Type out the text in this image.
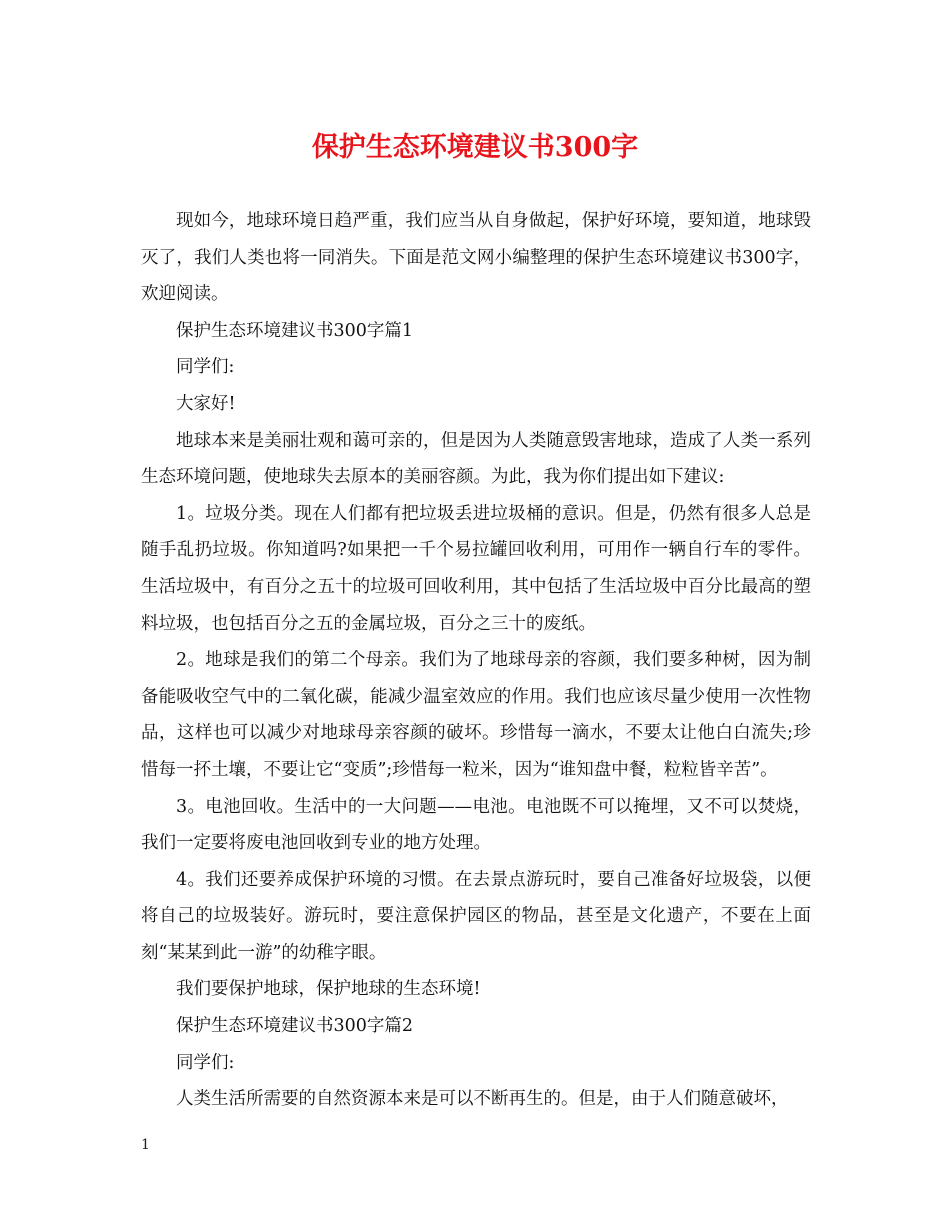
保护生态环境建议书300字

现如今，地球环境日趋严重，我们应当从自身做起，保护好环境，要知道，地球毁灭了，我们人类也将一同消失。下面是范文网小编整理的保护生态环境建议书300字，欢迎阅读。

保护生态环境建议书300字篇1

同学们:

大家好!

地球本来是美丽壮观和蔼可亲的，但是因为人类随意毁害地球，造成了人类一系列生态环境问题，使地球失去原本的美丽容颜。为此，我为你们提出如下建议:

1。垃圾分类。现在人们都有把垃圾丢进垃圾桶的意识。但是，仍然有很多人总是随手乱扔垃圾。你知道吗?如果把一千个易拉罐回收利用，可用作一辆自行车的零件。生活垃圾中，有百分之五十的垃圾可回收利用，其中包括了生活垃圾中百分比最高的塑料垃圾，也包括百分之五的金属垃圾，百分之三十的废纸。

2。地球是我们的第二个母亲。我们为了地球母亲的容颜，我们要多种树，因为制备能吸收空气中的二氧化碳，能减少温室效应的作用。我们也应该尽量少使用一次性物品，这样也可以减少对地球母亲容颜的破坏。珍惜每一滴水，不要太让他白白流失;珍惜每一抔土壤，不要让它“变质”;珍惜每一粒米，因为“谁知盘中餐，粒粒皆辛苦”。

3。电池回收。生活中的一大问题——电池。电池既不可以掩埋，又不可以焚烧，我们一定要将废电池回收到专业的地方处理。

4。我们还要养成保护环境的习惯。在去景点游玩时，要自己准备好垃圾袋，以便将自己的垃圾装好。游玩时，要注意保护园区的物品，甚至是文化遗产，不要在上面刻“某某到此一游”的幼稚字眼。

我们要保护地球，保护地球的生态环境!

保护生态环境建议书300字篇2

同学们:

人类生活所需要的自然资源本来是可以不断再生的。但是，由于人们随意破坏，

1
